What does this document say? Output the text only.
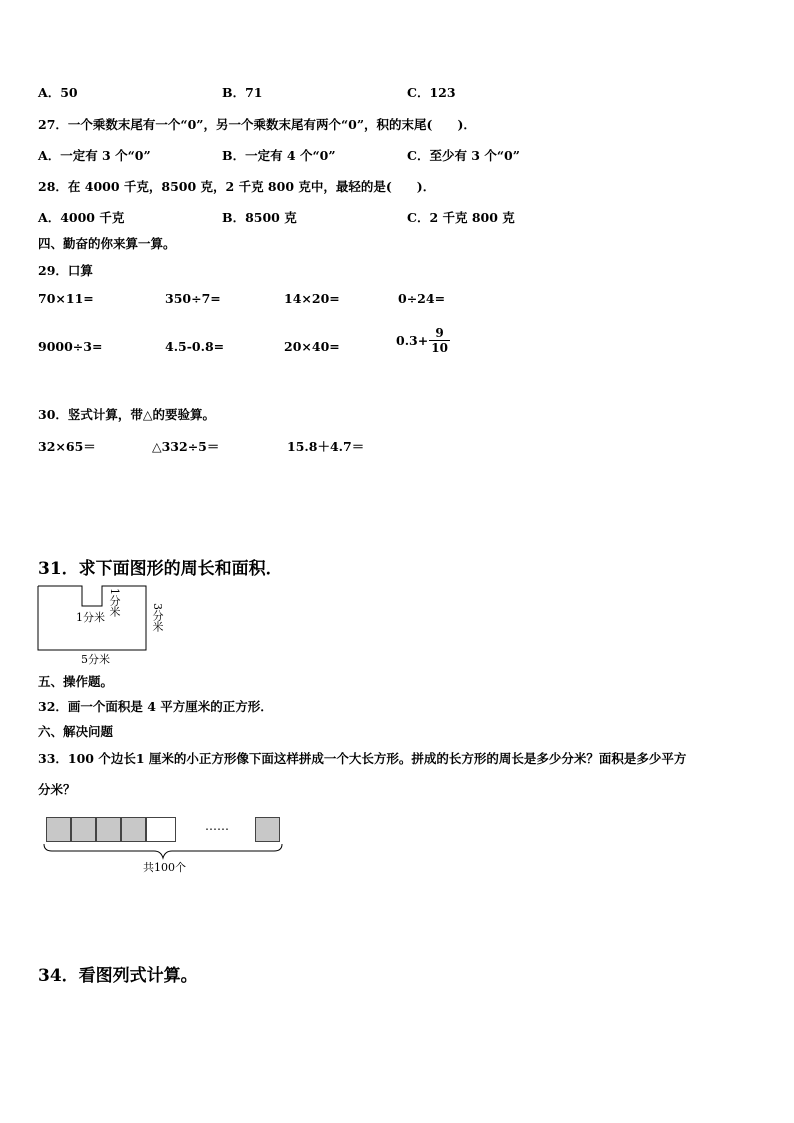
A．50	B．71	C．123
27．一个乘数末尾有一个“0”，另一个乘数末尾有两个“0”，积的末尾(　　)．
A．一定有 3 个“0”	B．一定有 4 个“0”	C．至少有 3 个“0”
28．在 4000 千克，8500 克，2 千克 800 克中，最轻的是(　　)．
A．4000 千克	B．8500 克	C．2 千克 800 克
四、勤奋的你来算一算。
29．口算
70×11=	350÷7=	14×20=	0÷24=
9000÷3=	4.5-0.8=	20×40=	$0.3+ \frac{9}{10}$
30．竖式计算，带△的要验算。
32×65＝	△332÷5＝	15.8＋4.7＝
31．求下面图形的周长和面积．
1分米
1分米
3分米
5分米
五、操作题。
32．画一个面积是 4 平方厘米的正方形．
六、解决问题
33．100 个边长1 厘米的小正方形像下面这样拼成一个大长方形。拼成的长方形的周长是多少分米？面积是多少平方
分米？
……
共100个
34．看图列式计算。
